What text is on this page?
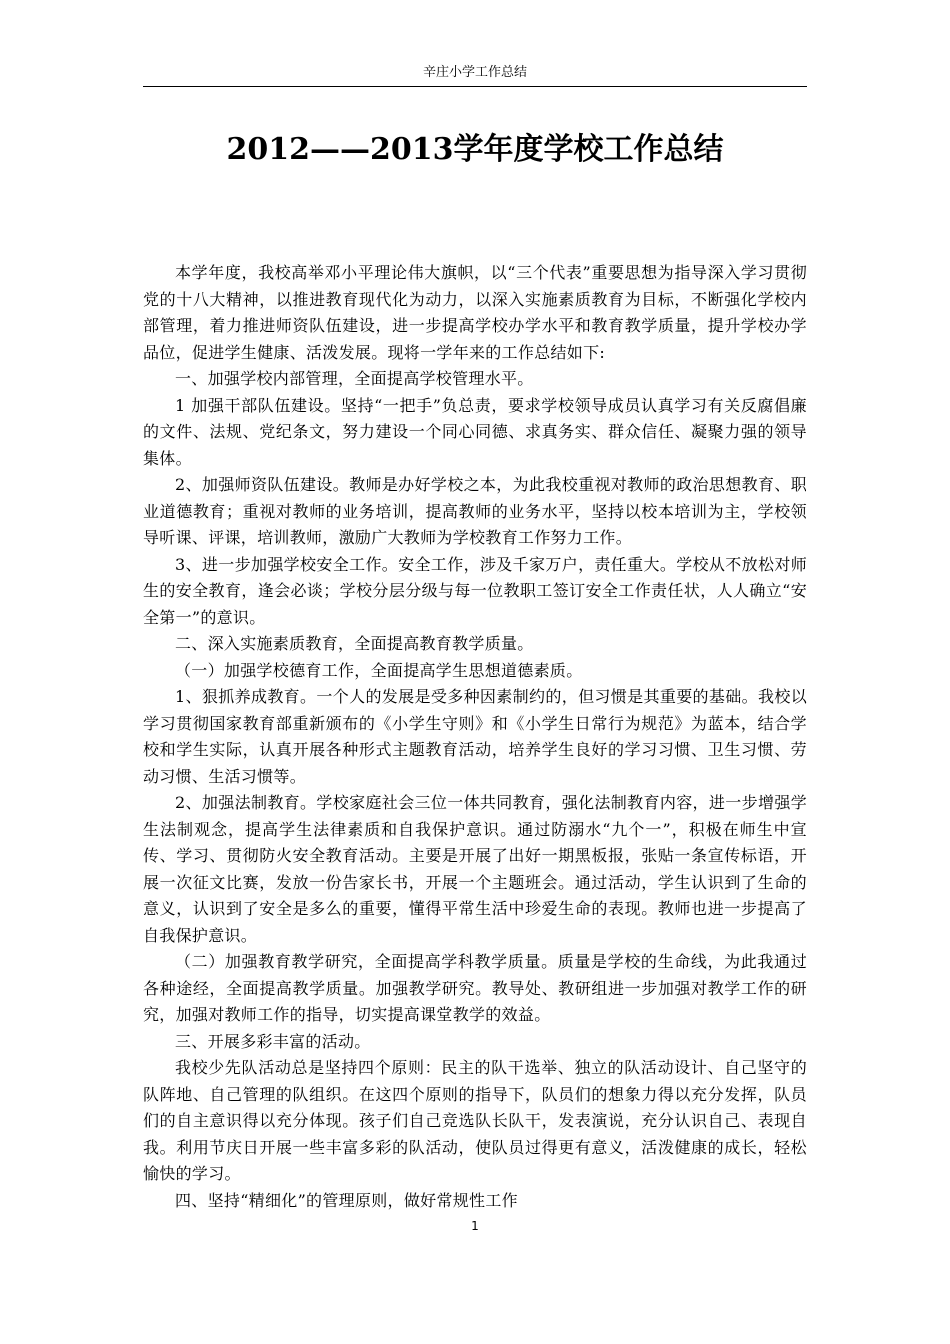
辛庄小学工作总结
2012——2013学年度学校工作总结

本学年度，我校高举邓小平理论伟大旗帜，以“三个代表”重要思想为指导深入学习贯彻党的十八大精神，以推进教育现代化为动力，以深入实施素质教育为目标，不断强化学校内部管理，着力推进师资队伍建设，进一步提高学校办学水平和教育教学质量，提升学校办学品位，促进学生健康、活泼发展。现将一学年来的工作总结如下:

一、加强学校内部管理，全面提高学校管理水平。

1 加强干部队伍建设。坚持“一把手”负总责，要求学校领导成员认真学习有关反腐倡廉的文件、法规、党纪条文，努力建设一个同心同德、求真务实、群众信任、凝聚力强的领导集体。

2、加强师资队伍建设。教师是办好学校之本，为此我校重视对教师的政治思想教育、职业道德教育；重视对教师的业务培训，提高教师的业务水平，坚持以校本培训为主，学校领导听课、评课，培训教师，激励广大教师为学校教育工作努力工作。

3、进一步加强学校安全工作。安全工作，涉及千家万户，责任重大。学校从不放松对师生的安全教育，逢会必谈；学校分层分级与每一位教职工签订安全工作责任状，人人确立“安全第一”的意识。

二、深入实施素质教育，全面提高教育教学质量。

（一）加强学校德育工作，全面提高学生思想道德素质。

1、狠抓养成教育。一个人的发展是受多种因素制约的，但习惯是其重要的基础。我校以学习贯彻国家教育部重新颁布的《小学生守则》和《小学生日常行为规范》为蓝本，结合学校和学生实际，认真开展各种形式主题教育活动，培养学生良好的学习习惯、卫生习惯、劳动习惯、生活习惯等。

2、加强法制教育。学校家庭社会三位一体共同教育，强化法制教育内容，进一步增强学生法制观念，提高学生法律素质和自我保护意识。通过防溺水“九个一”，积极在师生中宣传、学习、贯彻防火安全教育活动。主要是开展了出好一期黑板报，张贴一条宣传标语，开展一次征文比赛，发放一份告家长书，开展一个主题班会。通过活动，学生认识到了生命的意义，认识到了安全是多么的重要，懂得平常生活中珍爱生命的表现。教师也进一步提高了自我保护意识。

（二）加强教育教学研究，全面提高学科教学质量。质量是学校的生命线，为此我通过各种途经，全面提高教学质量。加强教学研究。教导处、教研组进一步加强对教学工作的研究，加强对教师工作的指导，切实提高课堂教学的效益。

三、开展多彩丰富的活动。

我校少先队活动总是坚持四个原则：民主的队干选举、独立的队活动设计、自己坚守的队阵地、自己管理的队组织。在这四个原则的指导下，队员们的想象力得以充分发挥，队员们的自主意识得以充分体现。孩子们自己竞选队长队干，发表演说，充分认识自己、表现自我。利用节庆日开展一些丰富多彩的队活动，使队员过得更有意义，活泼健康的成长，轻松愉快的学习。

四、坚持“精细化”的管理原则，做好常规性工作

1
